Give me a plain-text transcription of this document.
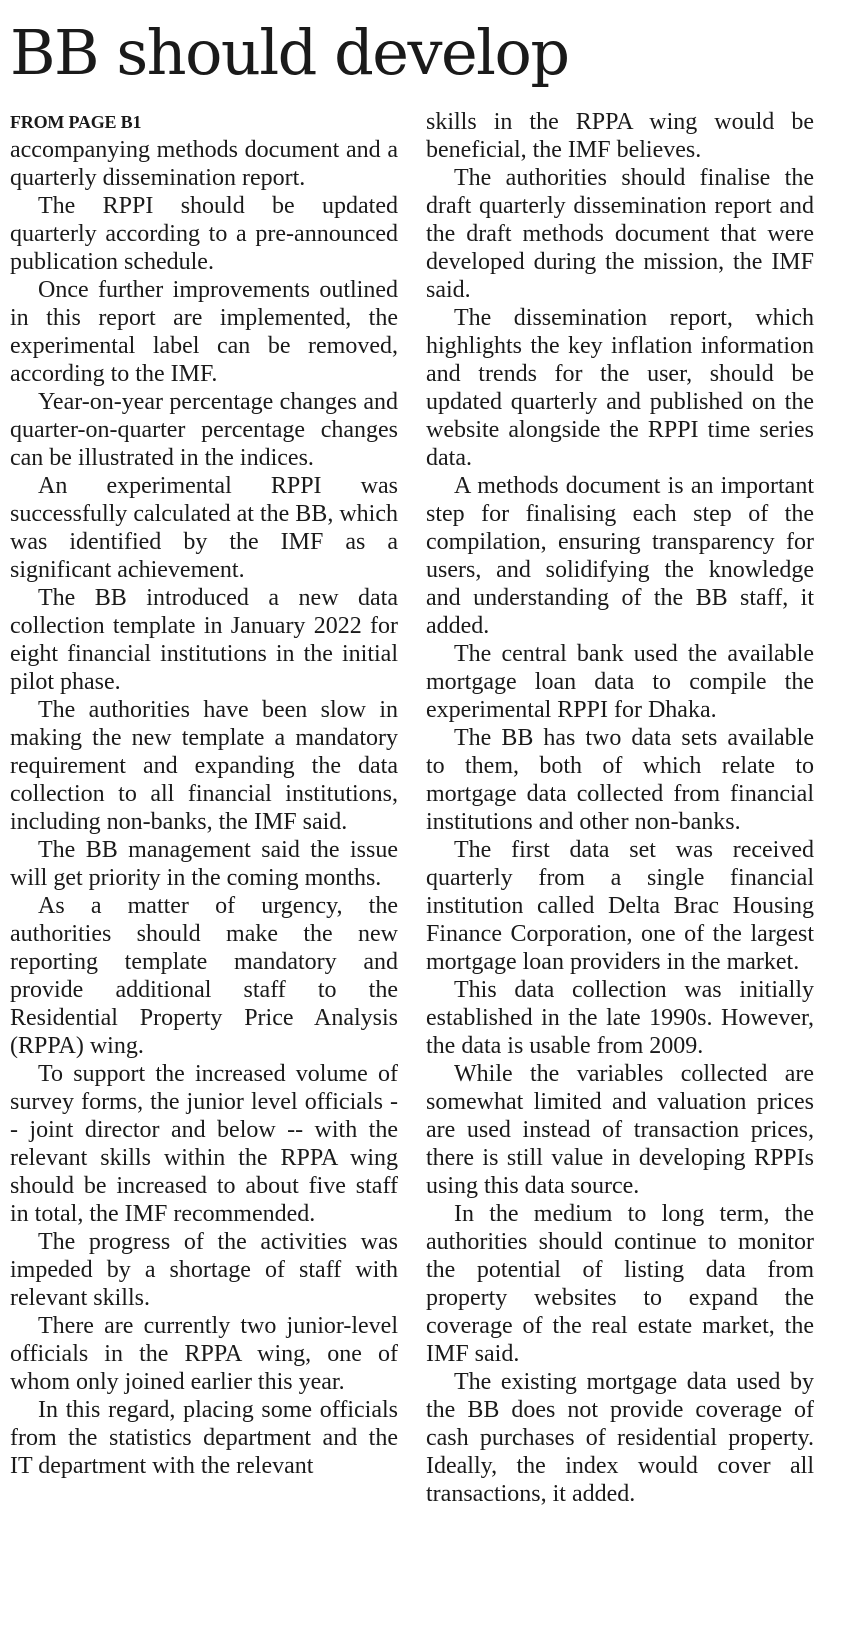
BB should develop
FROM PAGE B1

accompanying methods document and a quarterly dissemination report.

The RPPI should be updated quarterly according to a pre-announced publication schedule.

Once further improvements outlined in this report are implemented, the experimental label can be removed, according to the IMF.

Year-on-year percentage changes and quarter-on-quarter percentage changes can be illustrated in the indices.

An experimental RPPI was successfully calculated at the BB, which was identified by the IMF as a significant achievement.

The BB introduced a new data collection template in January 2022 for eight financial institutions in the initial pilot phase.

The authorities have been slow in making the new template a mandatory requirement and expanding the data collection to all financial institutions, including non-banks, the IMF said.

The BB management said the issue will get priority in the coming months.

As a matter of urgency, the authorities should make the new reporting template mandatory and provide additional staff to the Residential Property Price Analysis (RPPA) wing.

To support the increased volume of survey forms, the junior level officials -- joint director and below -- with the relevant skills within the RPPA wing should be increased to about five staff in total, the IMF recommended.

The progress of the activities was impeded by a shortage of staff with relevant skills.

There are currently two junior-level officials in the RPPA wing, one of whom only joined earlier this year.

In this regard, placing some officials from the statistics department and the IT department with the relevant

skills in the RPPA wing would be beneficial, the IMF believes.

The authorities should finalise the draft quarterly dissemination report and the draft methods document that were developed during the mission, the IMF said.

The dissemination report, which highlights the key inflation information and trends for the user, should be updated quarterly and published on the website alongside the RPPI time series data.

A methods document is an important step for finalising each step of the compilation, ensuring transparency for users, and solidifying the knowledge and understanding of the BB staff, it added.

The central bank used the available mortgage loan data to compile the experimental RPPI for Dhaka.

The BB has two data sets available to them, both of which relate to mortgage data collected from financial institutions and other non-banks.

The first data set was received quarterly from a single financial institution called Delta Brac Housing Finance Corporation, one of the largest mortgage loan providers in the market.

This data collection was initially established in the late 1990s. However, the data is usable from 2009.

While the variables collected are somewhat limited and valuation prices are used instead of transaction prices, there is still value in developing RPPIs using this data source.

In the medium to long term, the authorities should continue to monitor the potential of listing data from property websites to expand the coverage of the real estate market, the IMF said.

The existing mortgage data used by the BB does not provide coverage of cash purchases of residential property. Ideally, the index would cover all transactions, it added.
